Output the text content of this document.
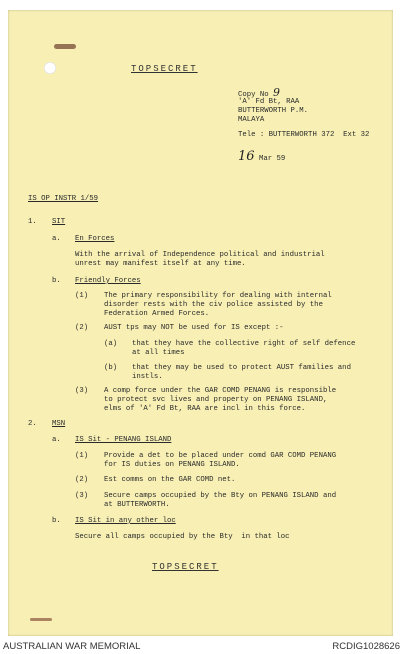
TOPSECRET
Copy No 9
'A' Fd Bt, RAA
BUTTERWORTH P.M.
MALAYA
Tele : BUTTERWORTH 372  Ext 32
16 Mar 59
IS OP INSTR 1/59
1. SIT
a. En Forces
With the arrival of Independence political and industrial
unrest may manifest itself at any time.
b. Friendly Forces
(1) The primary responsibility for dealing with internal
disorder rests with the civ police assisted by the
Federation Armed Forces.
(2) AUST tps may NOT be used for IS except :-
(a) that they have the collective right of self defence
at all times
(b) that they may be used to protect AUST families and
instls.
(3) A comp force under the GAR COMD PENANG is responsible
to protect svc lives and property on PENANG ISLAND,
elms of 'A' Fd Bt, RAA are incl in this force.
2. MSN
a. IS Sit - PENANG ISLAND
(1) Provide a det to be placed under comd GAR COMD PENANG
for IS duties on PENANG ISLAND.
(2) Est comms on the GAR COMD net.
(3) Secure camps occupied by the Bty on PENANG ISLAND and
at BUTTERWORTH.
b. IS Sit in any other loc
Secure all camps occupied by the Bty  in that loc
TOPSECRET
AUSTRALIAN WAR MEMORIAL	RCDIG1028626
